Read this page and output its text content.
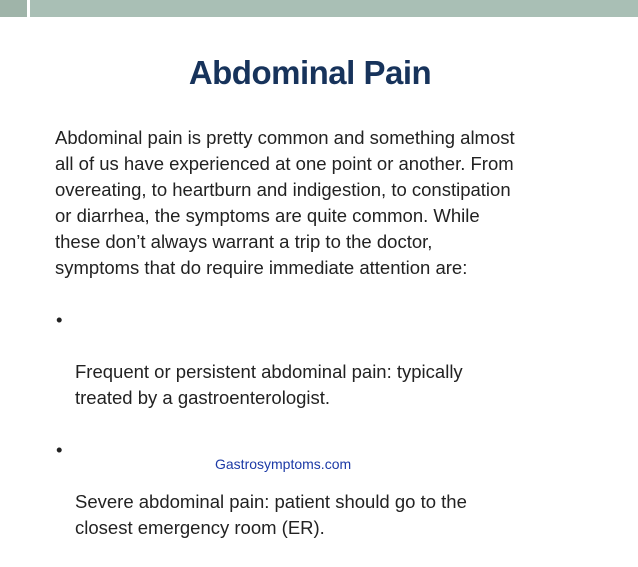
Abdominal Pain

Abdominal pain is pretty common and something almost
all of us have experienced at one point or another. From
overeating, to heartburn and indigestion, to constipation
or diarrhea, the symptoms are quite common. While
these don’t always warrant a trip to the doctor,
symptoms that do require immediate attention are:

•

Frequent or persistent abdominal pain: typically
treated by a gastroenterologist.

•

Severe abdominal pain: patient should go to the
closest emergency room (ER).

Gastrosymptoms.com
